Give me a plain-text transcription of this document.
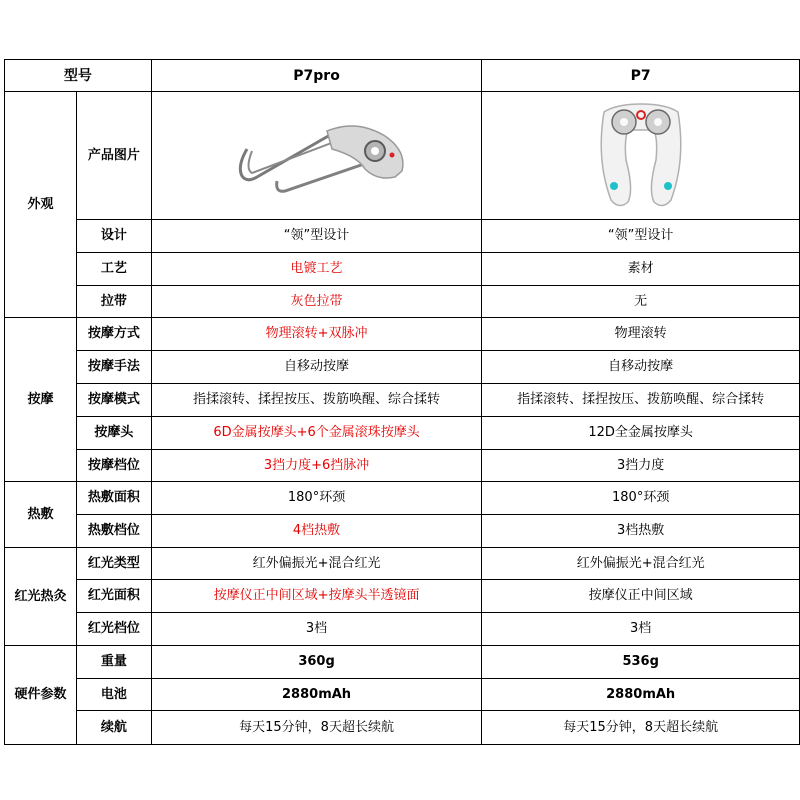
型号		P7pro	P7
外观	产品图片	

	设计	“领”型设计	“领”型设计
	工艺	电镀工艺	素材
	拉带	灰色拉带	无
按摩	按摩方式	物理滚转+双脉冲	物理滚转
	按摩手法	自移动按摩	自移动按摩
	按摩模式	指揉滚转、揉捏按压、拨筋唤醒、综合揉转	指揉滚转、揉捏按压、拨筋唤醒、综合揉转
	按摩头	6D金属按摩头+6个金属滚珠按摩头	12D全金属按摩头
	按摩档位	3挡力度+6挡脉冲	3挡力度
热敷	热敷面积	180°环颈	180°环颈
	热敷档位	4档热敷	3档热敷
红光热灸	红光类型	红外偏振光+混合红光	红外偏振光+混合红光
	红光面积	按摩仪正中间区域+按摩头半透镜面	按摩仪正中间区域
	红光档位	3档	3档
硬件参数	重量	360g	536g
	电池	2880mAh	2880mAh
	续航	每天15分钟，8天超长续航	每天15分钟，8天超长续航
